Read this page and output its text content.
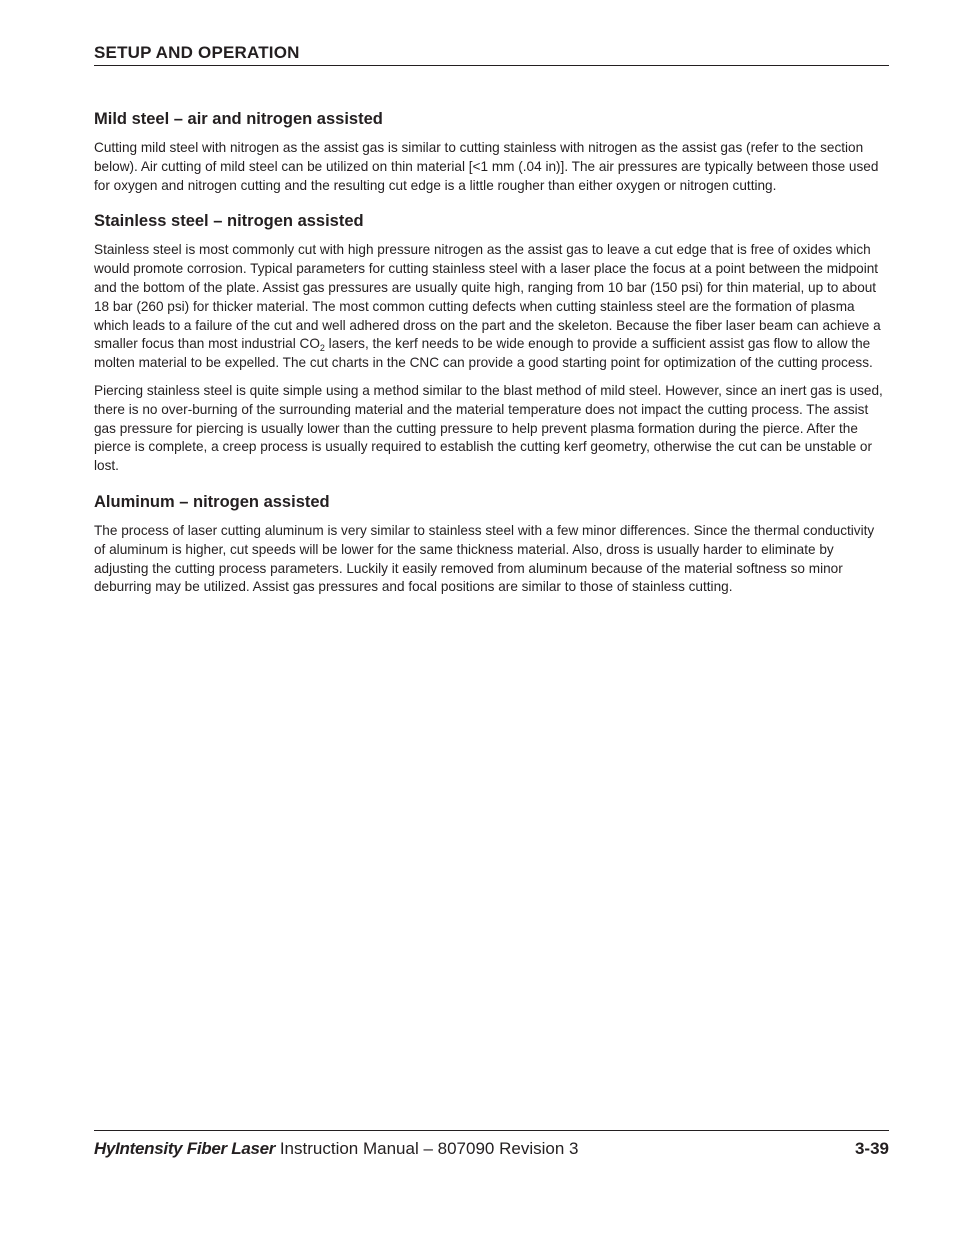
SETUP AND OPERATION
Mild steel – air and nitrogen assisted

Cutting mild steel with nitrogen as the assist gas is similar to cutting stainless with nitrogen as the assist gas (refer to the section below). Air cutting of mild steel can be utilized on thin material [<1 mm (.04 in)]. The air pressures are typically between those used for oxygen and nitrogen cutting and the resulting cut edge is a little rougher than either oxygen or nitrogen cutting.

Stainless steel – nitrogen assisted

Stainless steel is most commonly cut with high pressure nitrogen as the assist gas to leave a cut edge that is free of oxides which would promote corrosion. Typical parameters for cutting stainless steel with a laser place the focus at a point between the midpoint and the bottom of the plate. Assist gas pressures are usually quite high, ranging from 10 bar (150 psi) for thin material, up to about 18 bar (260 psi) for thicker material. The most common cutting defects when cutting stainless steel are the formation of plasma which leads to a failure of the cut and well adhered dross on the part and the skeleton. Because the fiber laser beam can achieve a smaller focus than most industrial $CO_2$ lasers, the kerf needs to be wide enough to provide a sufficient assist gas flow to allow the molten material to be expelled. The cut charts in the CNC can provide a good starting point for optimization of the cutting process.

Piercing stainless steel is quite simple using a method similar to the blast method of mild steel. However, since an inert gas is used, there is no over-burning of the surrounding material and the material temperature does not impact the cutting process. The assist gas pressure for piercing is usually lower than the cutting pressure to help prevent plasma formation during the pierce. After the pierce is complete, a creep process is usually required to establish the cutting kerf geometry, otherwise the cut can be unstable or lost.

Aluminum – nitrogen assisted

The process of laser cutting aluminum is very similar to stainless steel with a few minor differences. Since the thermal conductivity of aluminum is higher, cut speeds will be lower for the same thickness material. Also, dross is usually harder to eliminate by adjusting the cutting process parameters. Luckily it easily removed from aluminum because of the material softness so minor deburring may be utilized. Assist gas pressures and focal positions are similar to those of stainless cutting.

HyIntensity Fiber Laser Instruction Manual – 807090 Revision 3	3-39
